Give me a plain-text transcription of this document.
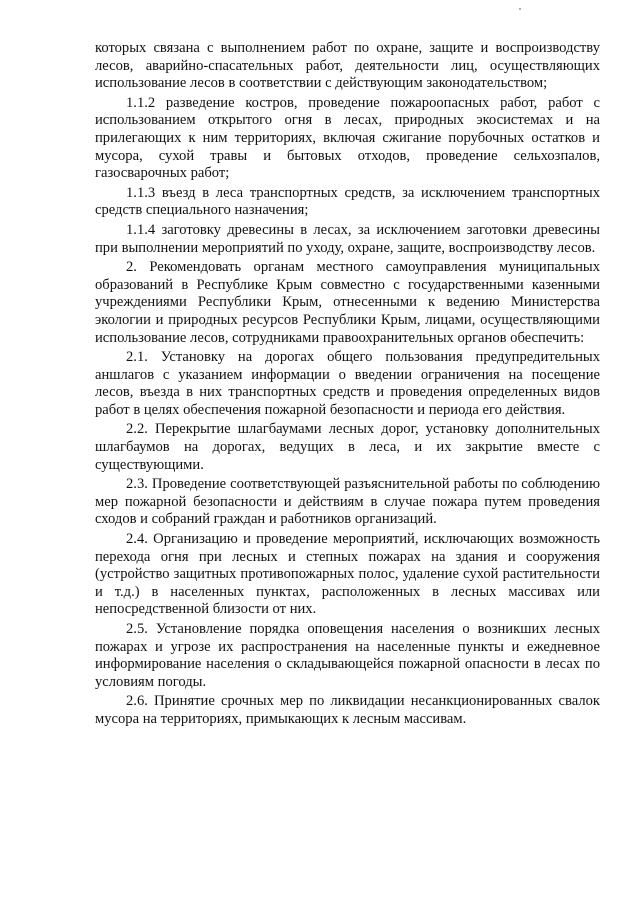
которых связана с выполнением работ по охране, защите и воспроизводству лесов, аварийно-спасательных работ, деятельности лиц, осуществляющих использование лесов в соответствии с действующим законодательством;

1.1.2 разведение костров, проведение пожароопасных работ, работ с использованием открытого огня в лесах, природных экосистемах и на прилегающих к ним территориях, включая сжигание порубочных остатков и мусора, сухой травы и бытовых отходов, проведение сельхозпалов, газосварочных работ;

1.1.3 въезд в леса транспортных средств, за исключением транспортных средств специального назначения;

1.1.4 заготовку древесины в лесах, за исключением заготовки древесины при выполнении мероприятий по уходу, охране, защите, воспроизводству лесов.

2. Рекомендовать органам местного самоуправления муниципальных образований в Республике Крым совместно с государственными казенными учреждениями Республики Крым, отнесенными к ведению Министерства экологии и природных ресурсов Республики Крым, лицами, осуществляющими использование лесов, сотрудниками правоохранительных органов обеспечить:

2.1. Установку на дорогах общего пользования предупредительных аншлагов с указанием информации о введении ограничения на посещение лесов, въезда в них транспортных средств и проведения определенных видов работ в целях обеспечения пожарной безопасности и периода его действия.

2.2. Перекрытие шлагбаумами лесных дорог, установку дополнительных шлагбаумов на дорогах, ведущих в леса, и их закрытие вместе с существующими.

2.3. Проведение соответствующей разъяснительной работы по соблюдению мер пожарной безопасности и действиям в случае пожара путем проведения сходов и собраний граждан и работников организаций.

2.4. Организацию и проведение мероприятий, исключающих возможность перехода огня при лесных и степных пожарах на здания и сооружения (устройство защитных противопожарных полос, удаление сухой растительности и т.д.) в населенных пунктах, расположенных в лесных массивах или непосредственной близости от них.

2.5. Установление порядка оповещения населения о возникших лесных пожарах и угрозе их распространения на населенные пункты и ежедневное информирование населения о складывающейся пожарной опасности в лесах по условиям погоды.

2.6. Принятие срочных мер по ликвидации несанкционированных свалок мусора на территориях, примыкающих к лесным массивам.
